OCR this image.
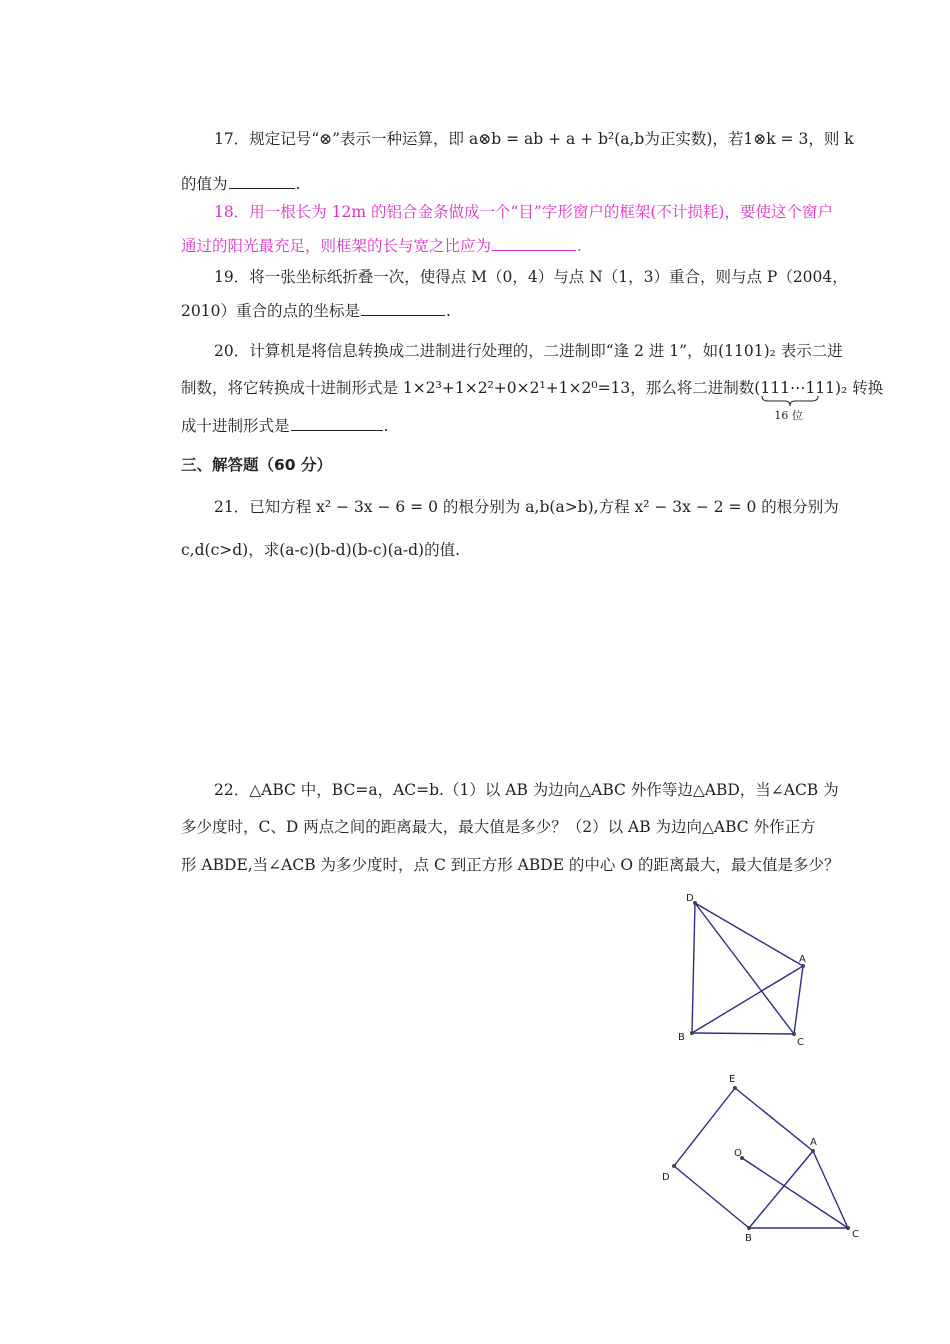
17．规定记号“⊗”表示一种运算，即 a⊗b = ab + a + b²(a,b为正实数)，若1⊗k = 3，则 k
的值为	.
18．用一根长为 12m 的铝合金条做成一个“目”字形窗户的框架(不计损耗)，要使这个窗户
通过的阳光最充足，则框架的长与宽之比应为	.
19．将一张坐标纸折叠一次，使得点 M（0，4）与点 N（1，3）重合，则与点 P（2004，
2010）重合的点的坐标是	.
20．计算机是将信息转换成二进制进行处理的，二进制即“逢 2 进 1”，如(1101)₂ 表示二进
制数，将它转换成十进制形式是 1×2³+1×2²+0×2¹+1×2⁰=13，那么将二进制数(111⋯111
16 位
)₂ 转换
成十进制形式是	.
三、解答题（60 分）
21．已知方程 x² − 3x − 6 = 0 的根分别为 a,b(a>b),方程 x² − 3x − 2 = 0 的根分别为
c,d(c>d)，求(a-c)(b-d)(b-c)(a-d)的值.
22．△ABC 中，BC=a，AC=b.（1）以 AB 为边向△ABC 外作等边△ABD，当∠ACB 为
多少度时，C、D 两点之间的距离最大，最大值是多少？（2）以 AB 为边向△ABC 外作正方
形 ABDE,当∠ACB 为多少度时，点 C 到正方形 ABDE 的中心 O 的距离最大，最大值是多少？
D
A
B	C
E
A
O
D
B	C
